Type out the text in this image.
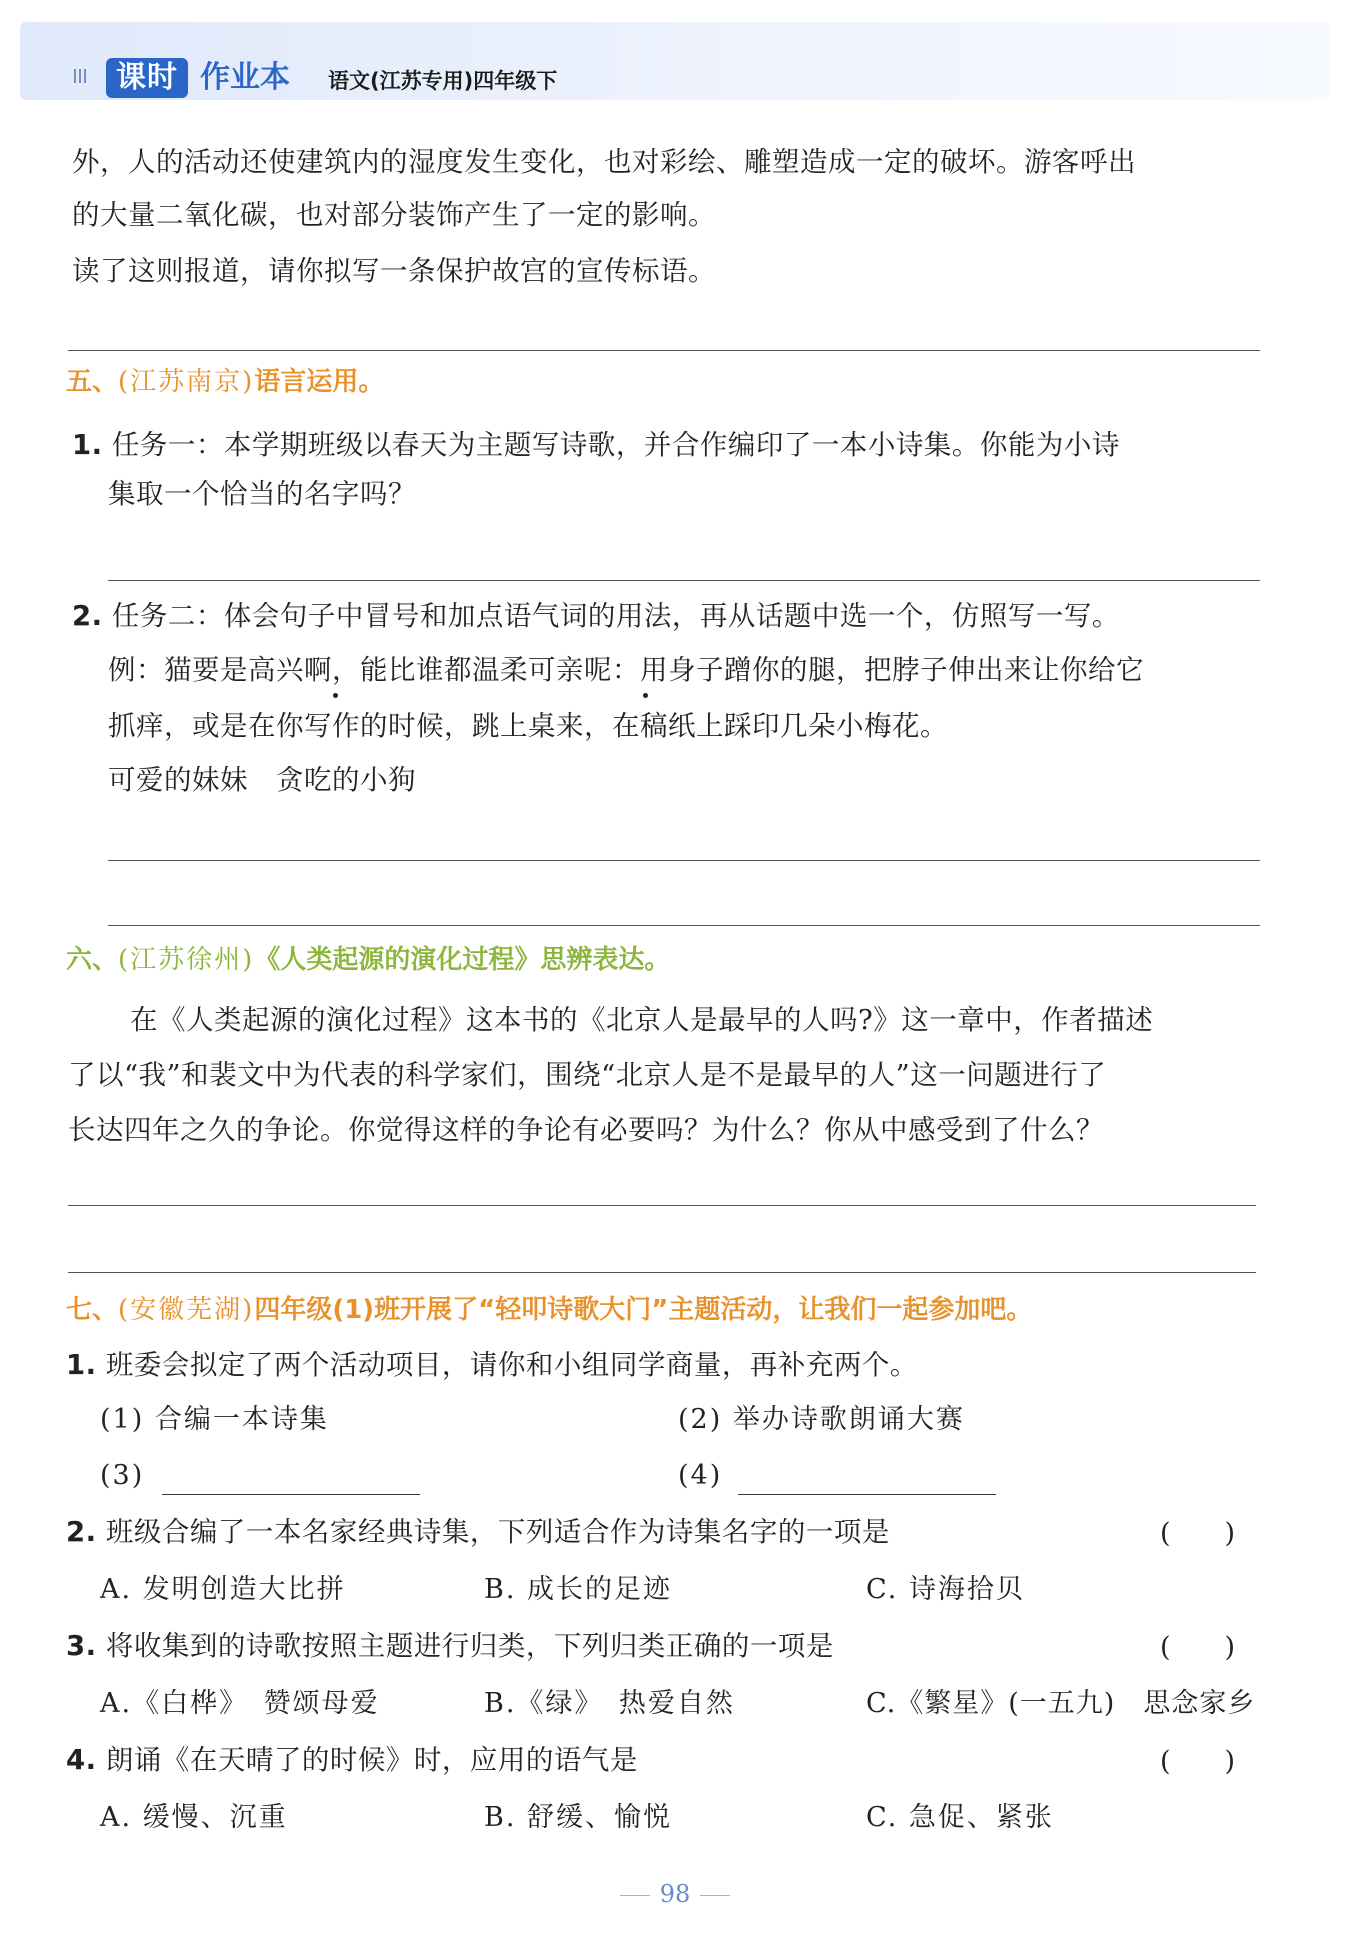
课时 作业本 语文(江苏专用)四年级下
外，人的活动还使建筑内的湿度发生变化，也对彩绘、雕塑造成一定的破坏。游客呼出
的大量二氧化碳，也对部分装饰产生了一定的影响。
读了这则报道，请你拟写一条保护故宫的宣传标语。
五、(江苏南京)语言运用。
1. 任务一：本学期班级以春天为主题写诗歌，并合作编印了一本小诗集。你能为小诗
集取一个恰当的名字吗？
2. 任务二：体会句子中冒号和加点语气词的用法，再从话题中选一个，仿照写一写。
例：猫要是高兴啊，能比谁都温柔可亲呢：用身子蹭你的腿，把脖子伸出来让你给它
抓痒，或是在你写作的时候，跳上桌来，在稿纸上踩印几朵小梅花。
可爱的妹妹　贪吃的小狗
六、(江苏徐州)《人类起源的演化过程》思辨表达。
在《人类起源的演化过程》这本书的《北京人是最早的人吗?》这一章中，作者描述
了以“我”和裴文中为代表的科学家们，围绕“北京人是不是最早的人”这一问题进行了
长达四年之久的争论。你觉得这样的争论有必要吗？为什么？你从中感受到了什么？
七、(安徽芜湖)四年级(1)班开展了“轻叩诗歌大门”主题活动，让我们一起参加吧。
1. 班委会拟定了两个活动项目，请你和小组同学商量，再补充两个。
(1) 合编一本诗集	(2) 举办诗歌朗诵大赛
(3)	(4)
2. 班级合编了一本名家经典诗集，下列适合作为诗集名字的一项是	(　　)
A. 发明创造大比拼	B. 成长的足迹	C. 诗海拾贝
3. 将收集到的诗歌按照主题进行归类，下列归类正确的一项是	(　　)
A.《白桦》　赞颂母爱	B.《绿》　热爱自然	C.《繁星》(一五九)　思念家乡
4. 朗诵《在天晴了的时候》时，应用的语气是	(　　)
A. 缓慢、沉重	B. 舒缓、愉悦	C. 急促、紧张
98
